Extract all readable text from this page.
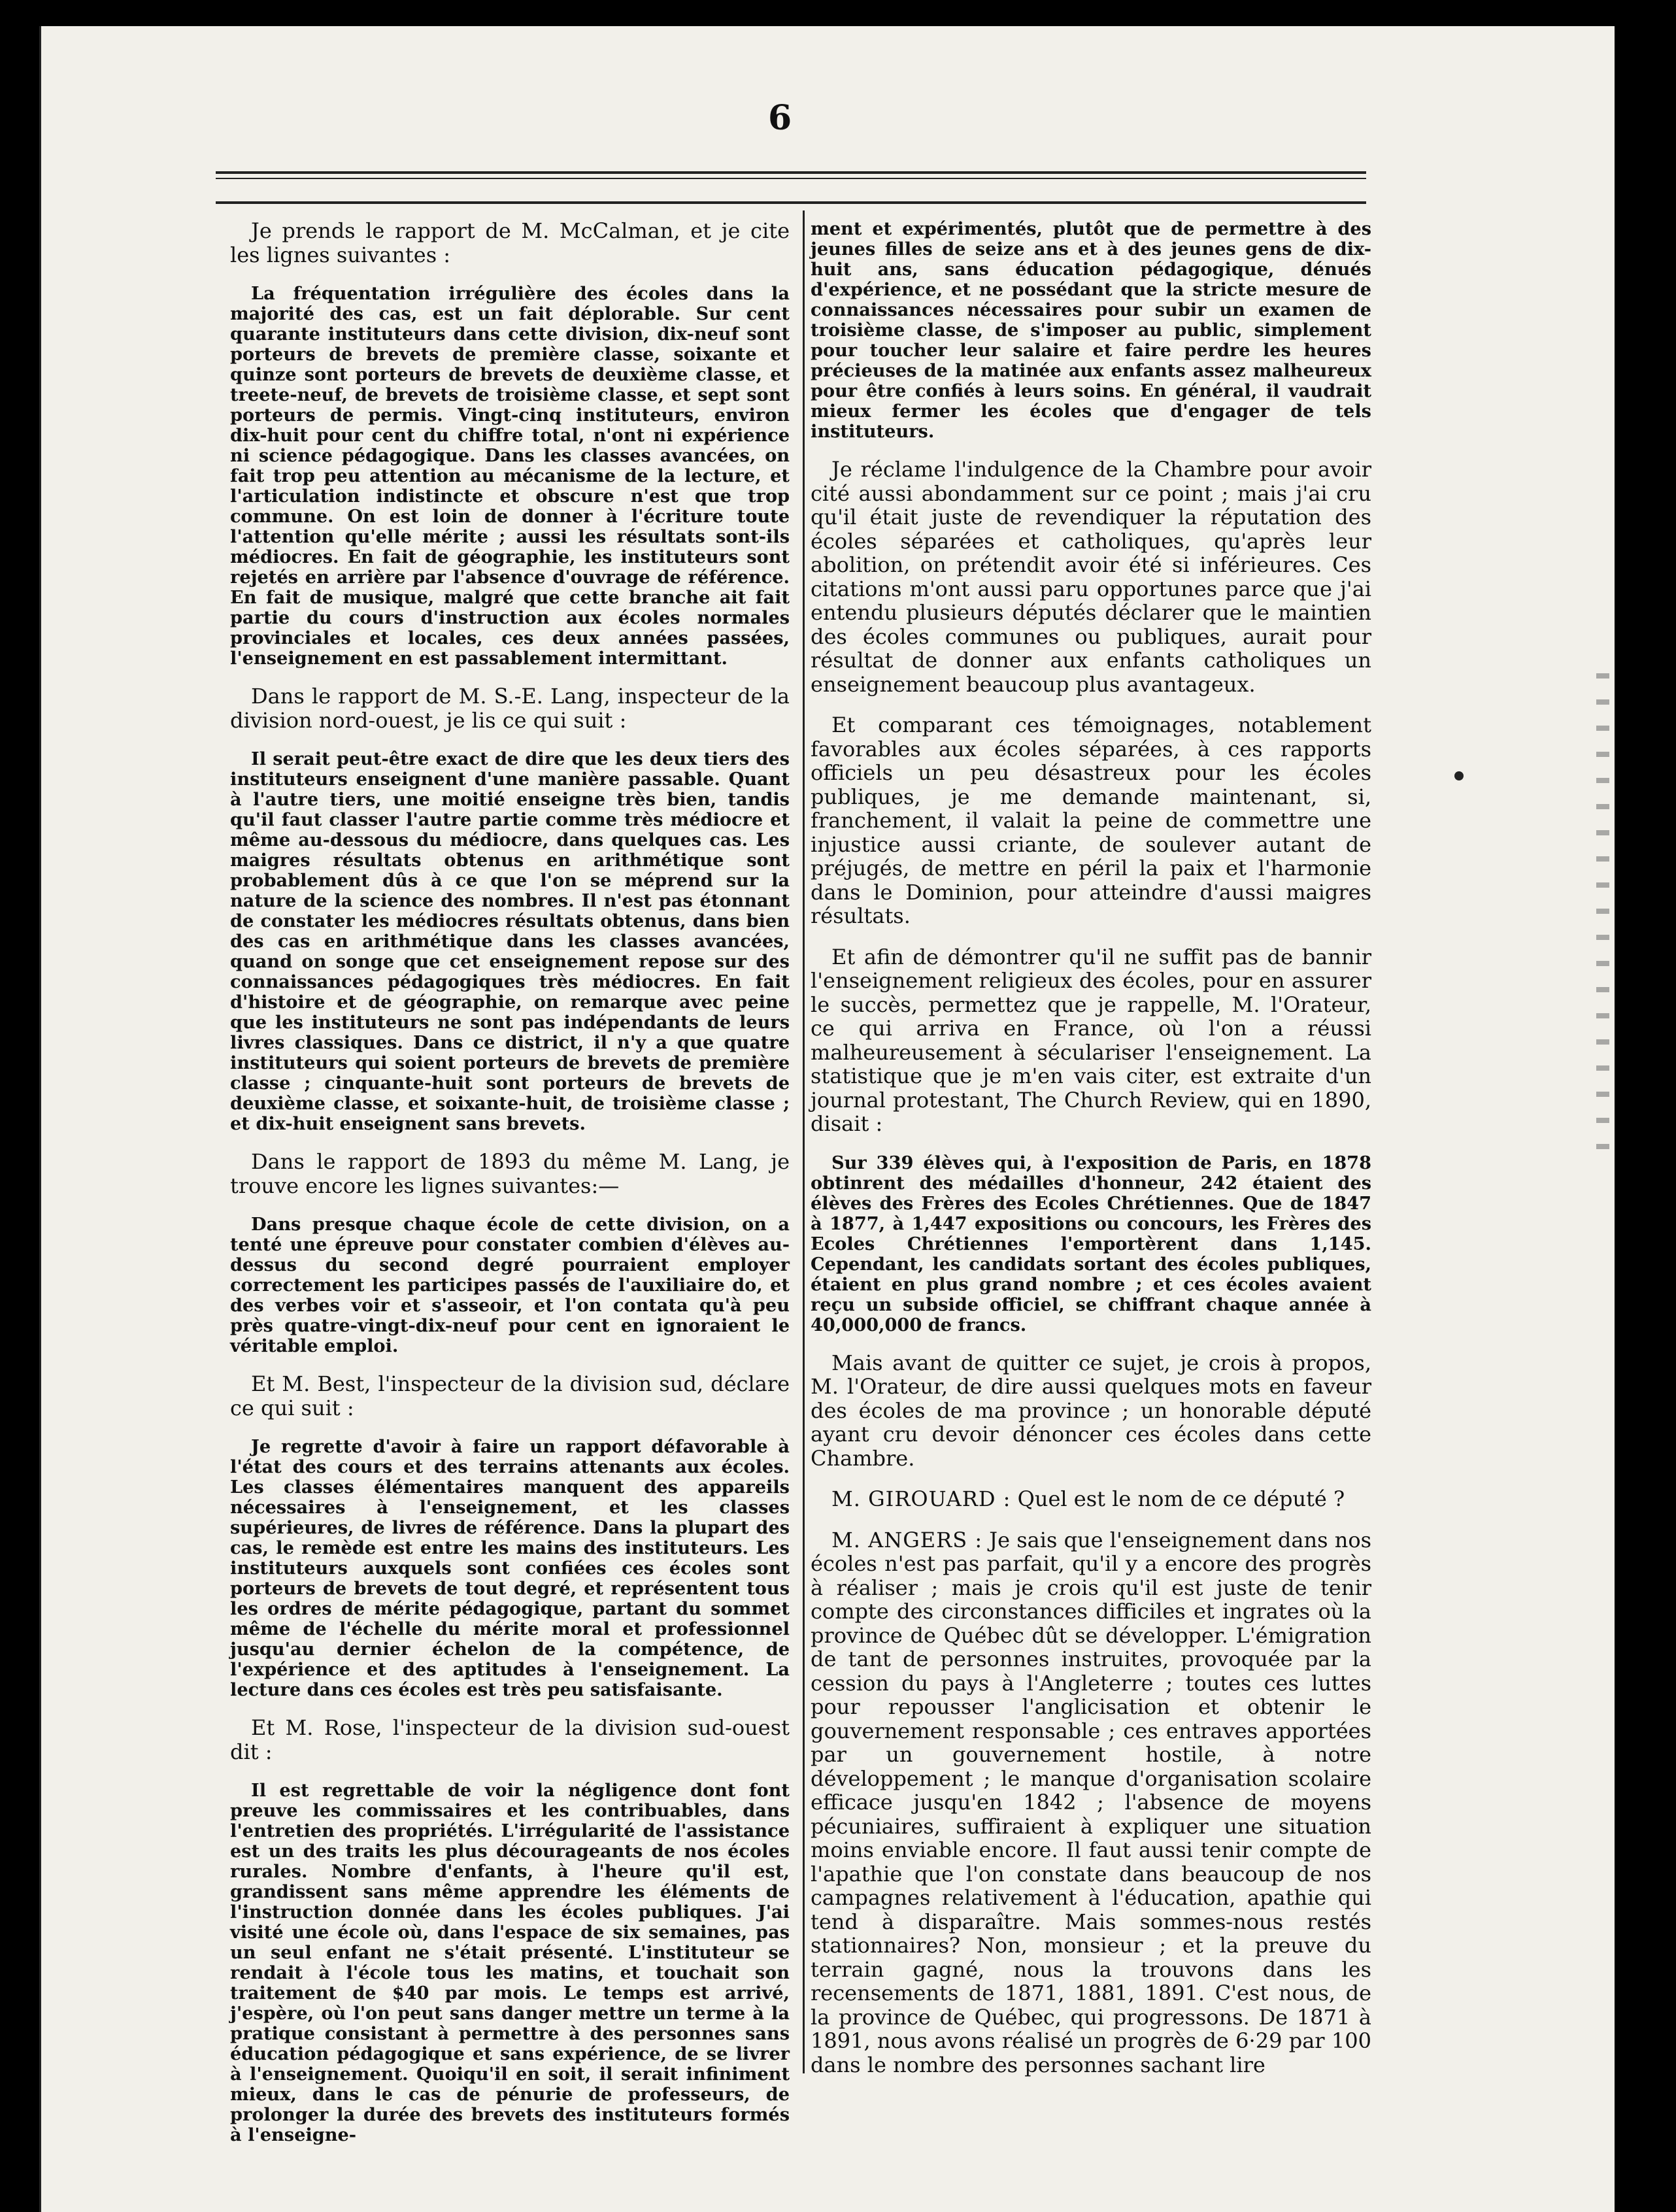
6

Je prends le rapport de M. McCalman, et je cite les lignes suivantes :

La fréquentation irrégulière des écoles dans la majorité des cas, est un fait déplorable. Sur cent quarante instituteurs dans cette division, dix-neuf sont porteurs de brevets de première classe, soixante et quinze sont porteurs de brevets de deuxième classe, et treete-neuf, de brevets de troisième classe, et sept sont porteurs de permis. Vingt-cinq instituteurs, environ dix-huit pour cent du chiffre total, n'ont ni expérience ni science pédagogique. Dans les classes avancées, on fait trop peu attention au mécanisme de la lecture, et l'articulation indistincte et obscure n'est que trop commune. On est loin de donner à l'écriture toute l'attention qu'elle mérite ; aussi les résultats sont-ils médiocres. En fait de géographie, les instituteurs sont rejetés en arrière par l'absence d'ouvrage de référence. En fait de musique, malgré que cette branche ait fait partie du cours d'instruction aux écoles normales provinciales et locales, ces deux années passées, l'enseignement en est passablement intermittant.

Dans le rapport de M. S.-E. Lang, inspecteur de la division nord-ouest, je lis ce qui suit :

Il serait peut-être exact de dire que les deux tiers des instituteurs enseignent d'une manière passable. Quant à l'autre tiers, une moitié enseigne très bien, tandis qu'il faut classer l'autre partie comme très médiocre et même au-dessous du médiocre, dans quelques cas. Les maigres résultats obtenus en arithmétique sont probablement dûs à ce que l'on se méprend sur la nature de la science des nombres. Il n'est pas étonnant de constater les médiocres résultats obtenus, dans bien des cas en arithmétique dans les classes avancées, quand on songe que cet enseignement repose sur des connaissances pédagogiques très médiocres. En fait d'histoire et de géographie, on remarque avec peine que les instituteurs ne sont pas indépendants de leurs livres classiques. Dans ce district, il n'y a que quatre instituteurs qui soient porteurs de brevets de première classe ; cinquante-huit sont porteurs de brevets de deuxième classe, et soixante-huit, de troisième classe ; et dix-huit enseignent sans brevets.

Dans le rapport de 1893 du même M. Lang, je trouve encore les lignes suivantes:—

Dans presque chaque école de cette division, on a tenté une épreuve pour constater combien d'élèves au-dessus du second degré pourraient employer correctement les participes passés de l'auxiliaire do, et des verbes voir et s'asseoir, et l'on contata qu'à peu près quatre-vingt-dix-neuf pour cent en ignoraient le véritable emploi.

Et M. Best, l'inspecteur de la division sud, déclare ce qui suit :

Je regrette d'avoir à faire un rapport défavorable à l'état des cours et des terrains attenants aux écoles. Les classes élémentaires manquent des appareils nécessaires à l'enseignement, et les classes supérieures, de livres de référence. Dans la plupart des cas, le remède est entre les mains des instituteurs. Les instituteurs auxquels sont confiées ces écoles sont porteurs de brevets de tout degré, et représentent tous les ordres de mérite pédagogique, partant du sommet même de l'échelle du mérite moral et professionnel jusqu'au dernier échelon de la compétence, de l'expérience et des aptitudes à l'enseignement. La lecture dans ces écoles est très peu satisfaisante.

Et M. Rose, l'inspecteur de la division sud-ouest dit :

Il est regrettable de voir la négligence dont font preuve les commissaires et les contribuables, dans l'entretien des propriétés. L'irrégularité de l'assistance est un des traits les plus décourageants de nos écoles rurales. Nombre d'enfants, à l'heure qu'il est, grandissent sans même apprendre les éléments de l'instruction donnée dans les écoles publiques. J'ai visité une école où, dans l'espace de six semaines, pas un seul enfant ne s'était présenté. L'instituteur se rendait à l'école tous les matins, et touchait son traitement de $40 par mois. Le temps est arrivé, j'espère, où l'on peut sans danger mettre un terme à la pratique consistant à permettre à des personnes sans éducation pédagogique et sans expérience, de se livrer à l'enseignement. Quoiqu'il en soit, il serait infiniment mieux, dans le cas de pénurie de professeurs, de prolonger la durée des brevets des instituteurs formés à l'enseigne-

ment et expérimentés, plutôt que de permettre à des jeunes filles de seize ans et à des jeunes gens de dix-huit ans, sans éducation pédagogique, dénués d'expérience, et ne possédant que la stricte mesure de connaissances nécessaires pour subir un examen de troisième classe, de s'imposer au public, simplement pour toucher leur salaire et faire perdre les heures précieuses de la matinée aux enfants assez malheureux pour être confiés à leurs soins. En général, il vaudrait mieux fermer les écoles que d'engager de tels instituteurs.

Je réclame l'indulgence de la Chambre pour avoir cité aussi abondamment sur ce point ; mais j'ai cru qu'il était juste de revendiquer la réputation des écoles séparées et catholiques, qu'après leur abolition, on prétendit avoir été si inférieures. Ces citations m'ont aussi paru opportunes parce que j'ai entendu plusieurs députés déclarer que le maintien des écoles communes ou publiques, aurait pour résultat de donner aux enfants catholiques un enseignement beaucoup plus avantageux.

Et comparant ces témoignages, notablement favorables aux écoles séparées, à ces rapports officiels un peu désastreux pour les écoles publiques, je me demande maintenant, si, franchement, il valait la peine de commettre une injustice aussi criante, de soulever autant de préjugés, de mettre en péril la paix et l'harmonie dans le Dominion, pour atteindre d'aussi maigres résultats.

Et afin de démontrer qu'il ne suffit pas de bannir l'enseignement religieux des écoles, pour en assurer le succès, permettez que je rappelle, M. l'Orateur, ce qui arriva en France, où l'on a réussi malheureusement à séculariser l'enseignement. La statistique que je m'en vais citer, est extraite d'un journal protestant, The Church Review, qui en 1890, disait :

Sur 339 élèves qui, à l'exposition de Paris, en 1878 obtinrent des médailles d'honneur, 242 étaient des élèves des Frères des Ecoles Chrétiennes. Que de 1847 à 1877, à 1,447 expositions ou concours, les Frères des Ecoles Chrétiennes l'emportèrent dans 1,145. Cependant, les candidats sortant des écoles publiques, étaient en plus grand nombre ; et ces écoles avaient reçu un subside officiel, se chiffrant chaque année à 40,000,000 de francs.

Mais avant de quitter ce sujet, je crois à propos, M. l'Orateur, de dire aussi quelques mots en faveur des écoles de ma province ; un honorable député ayant cru devoir dénoncer ces écoles dans cette Chambre.

M. GIROUARD : Quel est le nom de ce député ?

M. ANGERS : Je sais que l'enseignement dans nos écoles n'est pas parfait, qu'il y a encore des progrès à réaliser ; mais je crois qu'il est juste de tenir compte des circonstances difficiles et ingrates où la province de Québec dût se développer. L'émigration de tant de personnes instruites, provoquée par la cession du pays à l'Angleterre ; toutes ces luttes pour repousser l'anglicisation et obtenir le gouvernement responsable ; ces entraves apportées par un gouvernement hostile, à notre développement ; le manque d'organisation scolaire efficace jusqu'en 1842 ; l'absence de moyens pécuniaires, suffiraient à expliquer une situation moins enviable encore. Il faut aussi tenir compte de l'apathie que l'on constate dans beaucoup de nos campagnes relativement à l'éducation, apathie qui tend à disparaître. Mais sommes-nous restés stationnaires? Non, monsieur ; et la preuve du terrain gagné, nous la trouvons dans les recensements de 1871, 1881, 1891. C'est nous, de la province de Québec, qui progressons. De 1871 à 1891, nous avons réalisé un progrès de 6·29 par 100 dans le nombre des personnes sachant lire
